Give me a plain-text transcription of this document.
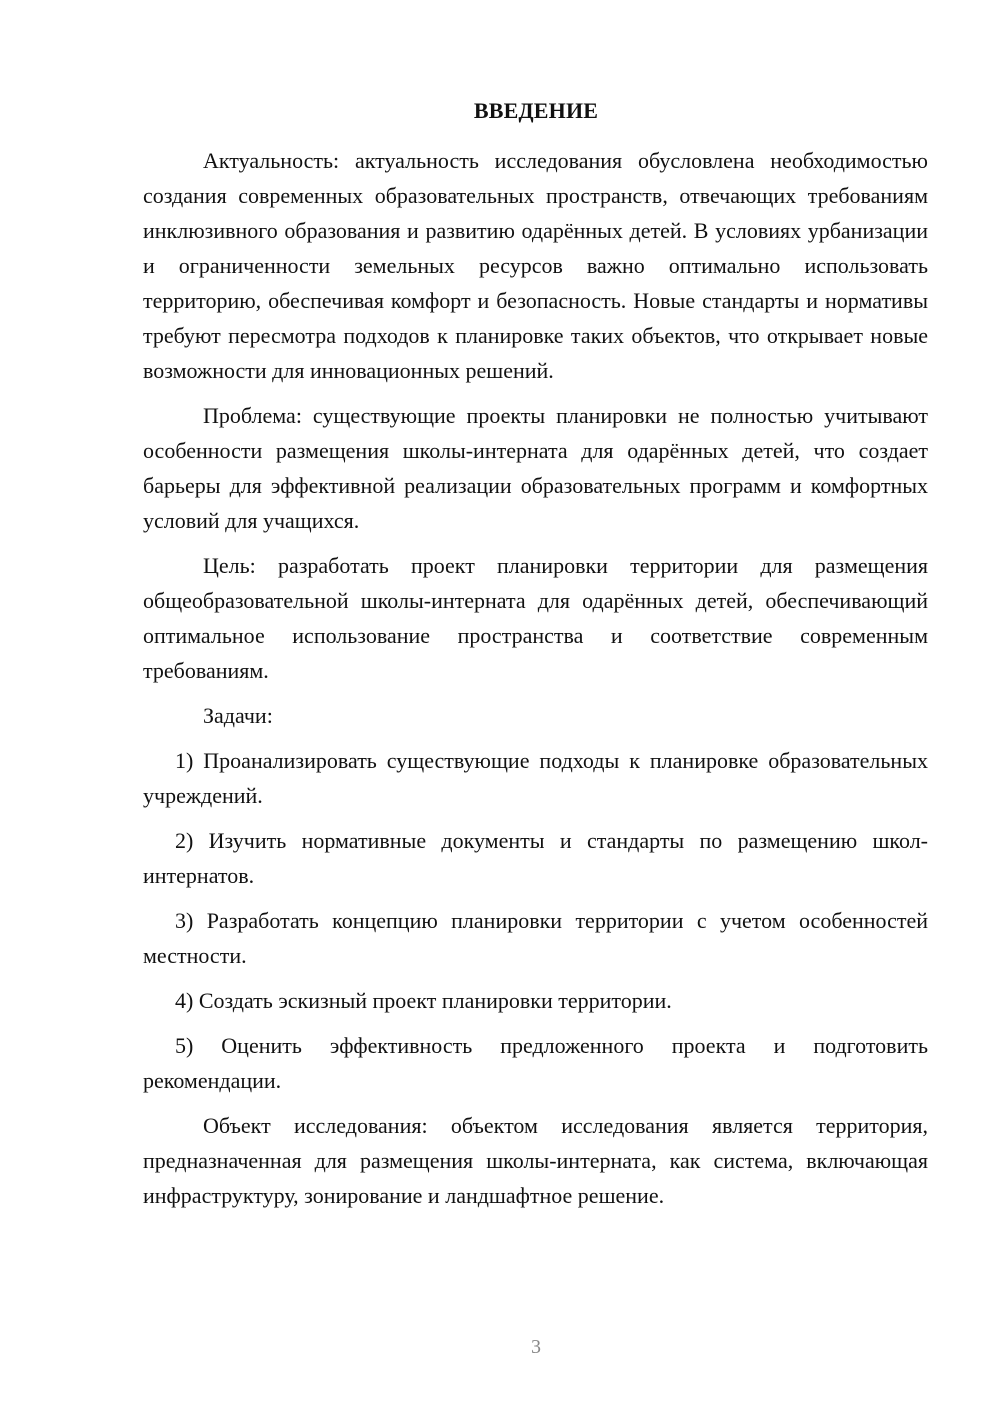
ВВЕДЕНИЕ

Актуальность: актуальность исследования обусловлена необходимостью создания современных образовательных пространств, отвечающих требованиям инклюзивного образования и развитию одарённых детей. В условиях урбанизации и ограниченности земельных ресурсов важно оптимально использовать территорию, обеспечивая комфорт и безопасность. Новые стандарты и нормативы требуют пересмотра подходов к планировке таких объектов, что открывает новые возможности для инновационных решений.

Проблема: существующие проекты планировки не полностью учитывают особенности размещения школы-интерната для одарённых детей, что создает барьеры для эффективной реализации образовательных программ и комфортных условий для учащихся.

Цель: разработать проект планировки территории для размещения общеобразовательной школы-интерната для одарённых детей, обеспечивающий оптимальное использование пространства и соответствие современным требованиям.

Задачи:

1) Проанализировать существующие подходы к планировке образовательных учреждений.

2) Изучить нормативные документы и стандарты по размещению школ-интернатов.

3) Разработать концепцию планировки территории с учетом особенностей местности.

4) Создать эскизный проект планировки территории.

5) Оценить эффективность предложенного проекта и подготовить рекомендации.

Объект исследования: объектом исследования является территория, предназначенная для размещения школы-интерната, как система, включающая инфраструктуру, зонирование и ландшафтное решение.

3
